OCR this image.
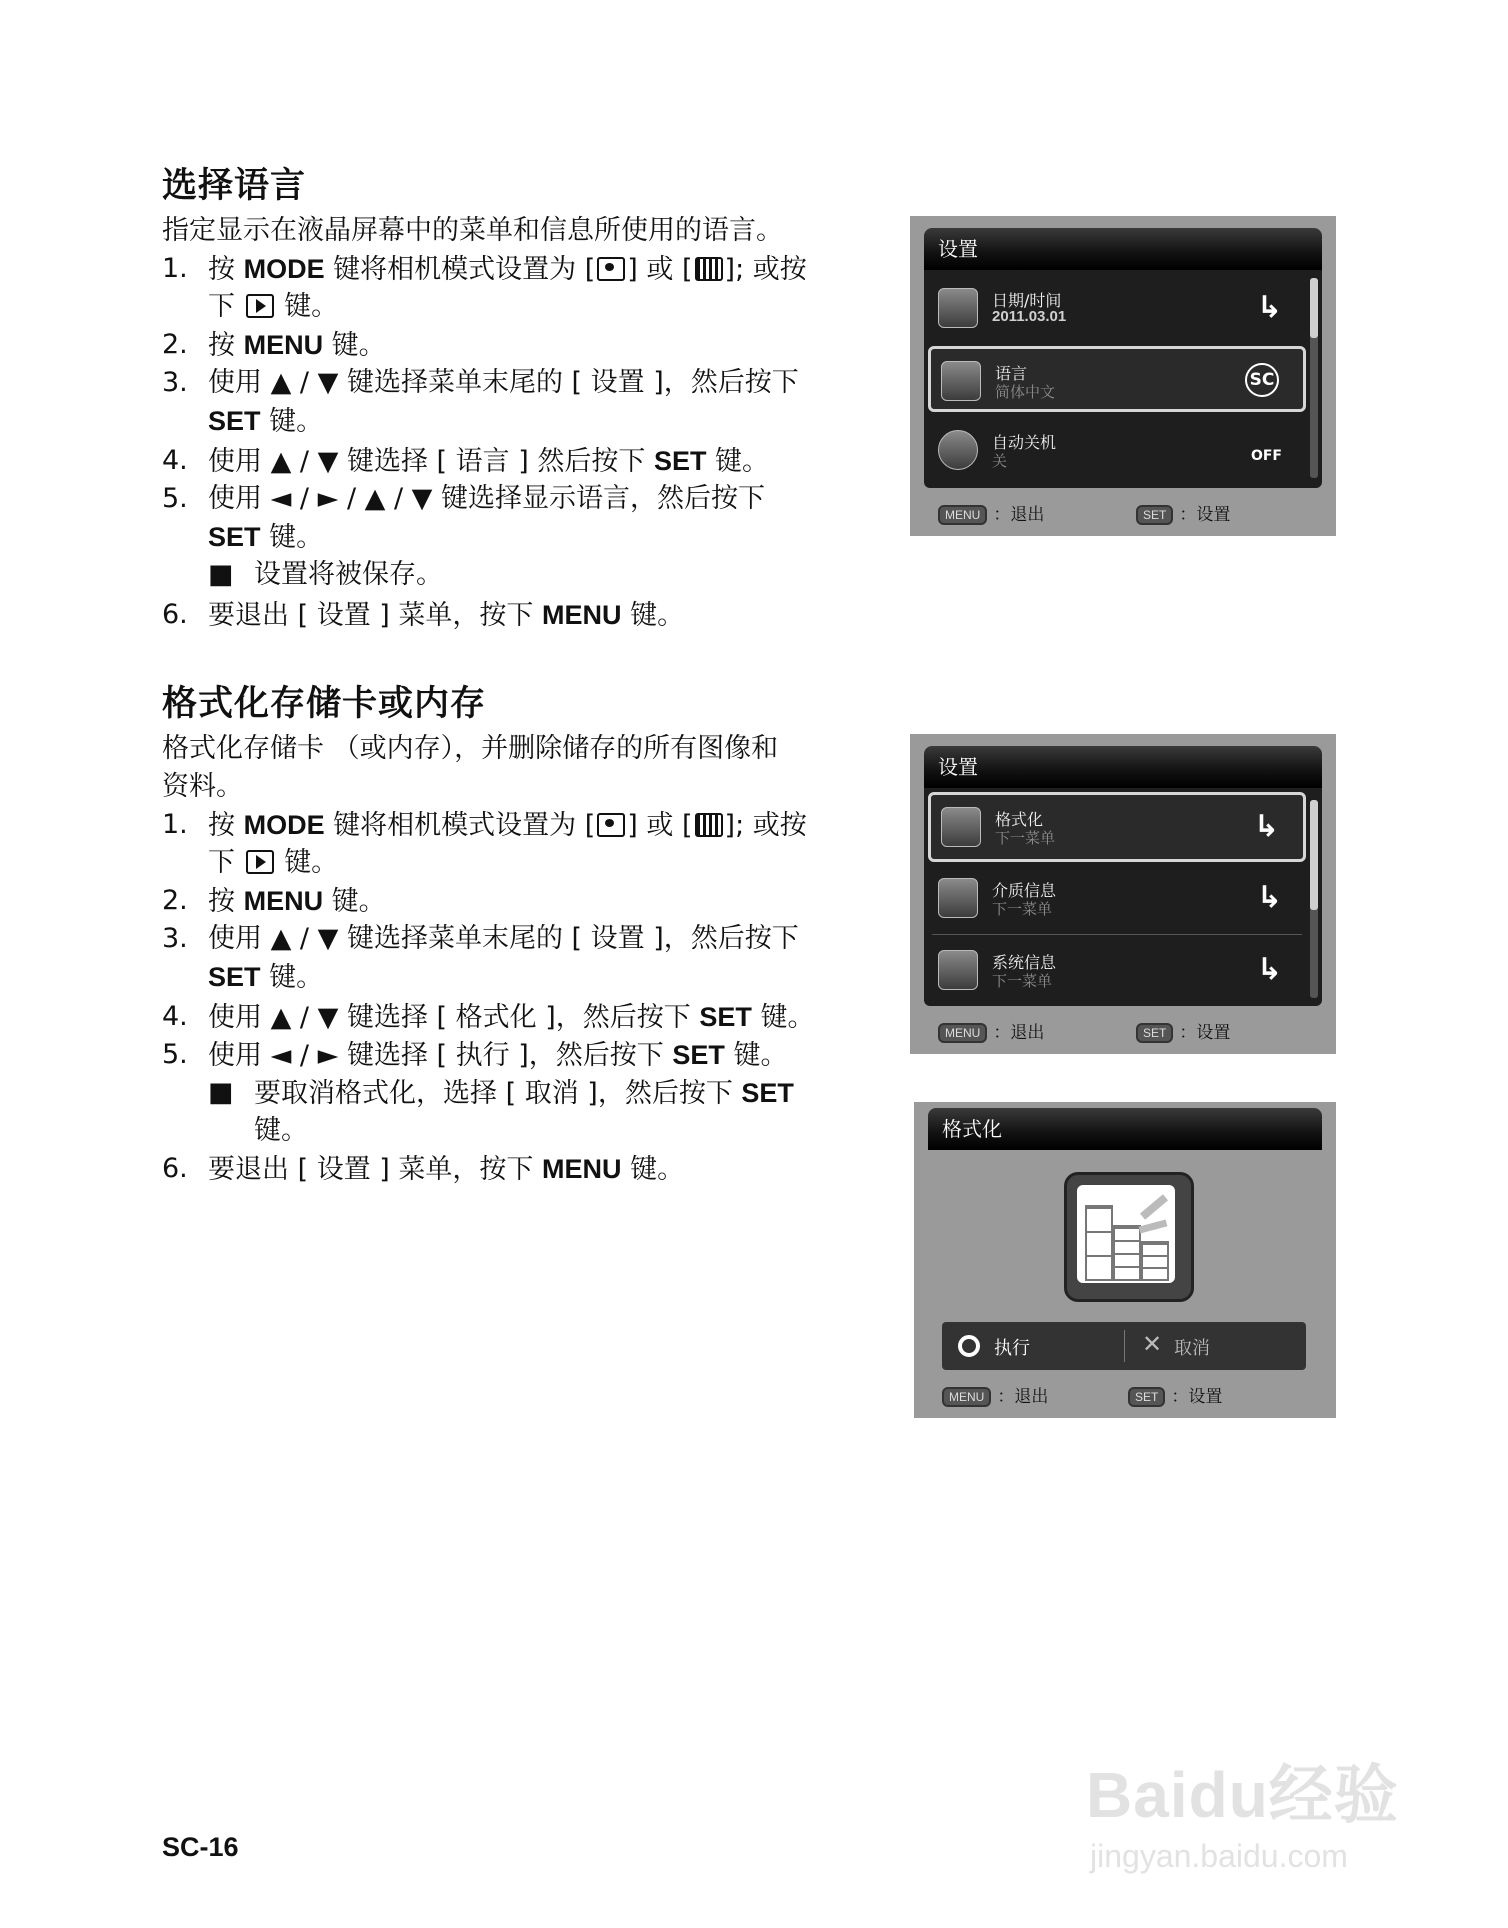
选择语言
指定显示在液晶屏幕中的菜单和信息所使用的语言。
1. 按 MODE 键将相机模式设置为 [ ] 或 [ ]; 或按
下 键。
2. 按 MENU 键。
3. 使用 ▲ / ▼ 键选择菜单末尾的 [ 设置 ]，然后按下
SET 键。
4. 使用 ▲ / ▼ 键选择 [ 语言 ] 然后按下 SET 键。
5. 使用 ◄ / ► / ▲ / ▼ 键选择显示语言，然后按下
SET 键。
■ 设置将被保存。
6. 要退出 [ 设置 ] 菜单，按下 MENU 键。
格式化存储卡或内存
格式化存储卡 （或内存），并删除储存的所有图像和
资料。
1. 按 MODE 键将相机模式设置为 [ ] 或 [ ]; 或按
下 键。
2. 按 MENU 键。
3. 使用 ▲ / ▼ 键选择菜单末尾的 [ 设置 ]，然后按下
SET 键。
4. 使用 ▲ / ▼ 键选择 [ 格式化 ]，然后按下 SET 键。
5. 使用 ◄ / ► 键选择 [ 执行 ]，然后按下 SET 键。
■ 要取消格式化，选择 [ 取消 ]，然后按下 SET
键。
6. 要退出 [ 设置 ] 菜单，按下 MENU 键。
设置
日期/时间
2011.03.01	↳
语言
简体中文
SC
自动关机
关	OFF
MENU ：退出	SET ：设置
设置
格式化
下一菜单	↳
介质信息
下一菜单	↳
系统信息
下一菜单	↳
MENU ：退出	SET ：设置
格式化
执行	✕ 取消
MENU ：退出	SET ：设置
SC-16
Baidu经验
jingyan.baidu.com
